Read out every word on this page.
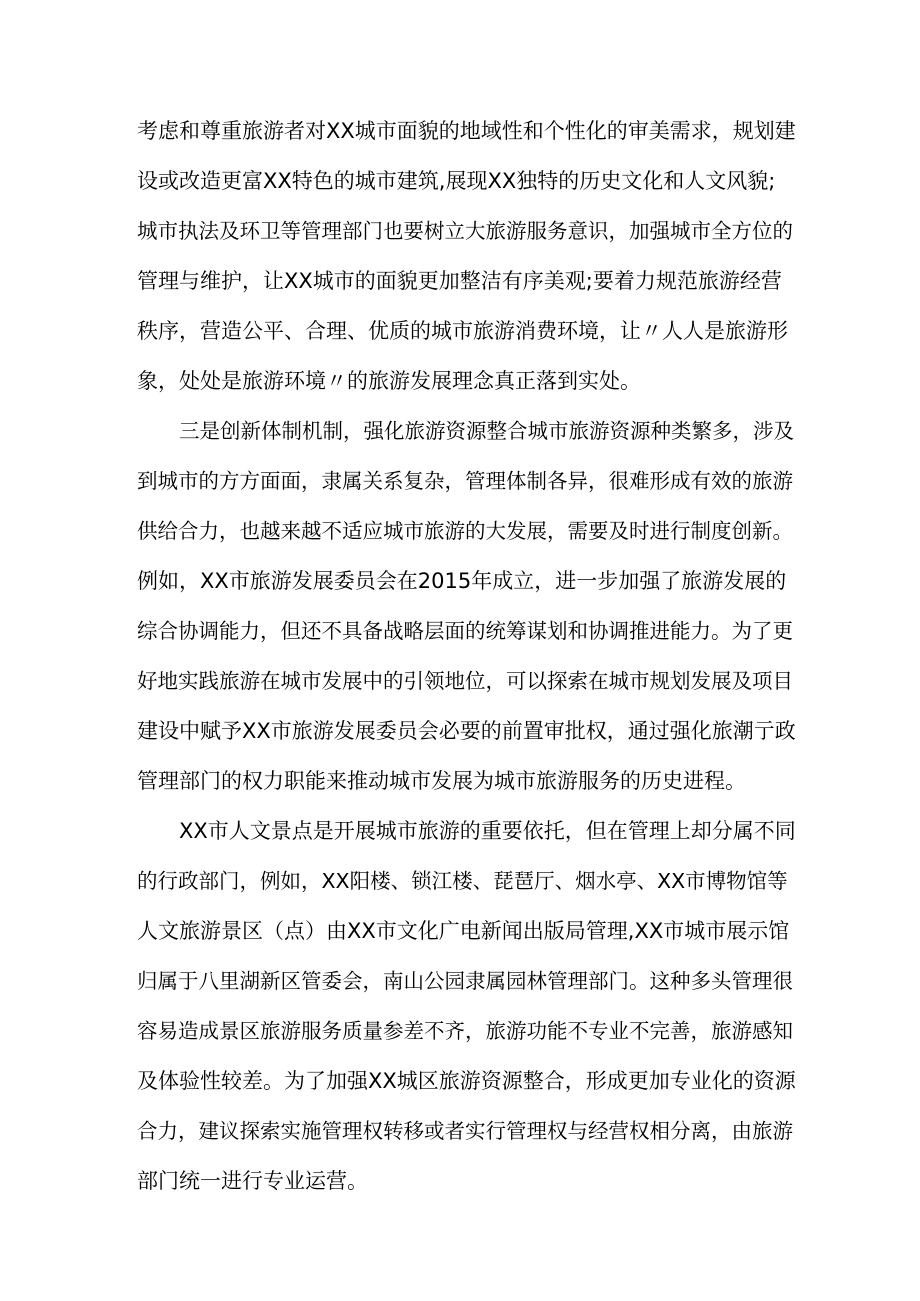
考虑和尊重旅游者对XX城市面貌的地域性和个性化的审美需求，规划建
设或改造更富XX特色的城市建筑,展现XX独特的历史文化和人文风貌;
城市执法及环卫等管理部门也要树立大旅游服务意识，加强城市全方位的
管理与维护，让XX城市的面貌更加整洁有序美观;要着力规范旅游经营
秩序，营造公平、合理、优质的城市旅游消费环境，让〃人人是旅游形
象，处处是旅游环境〃的旅游发展理念真正落到实处。
三是创新体制机制，强化旅游资源整合城市旅游资源种类繁多，涉及
到城市的方方面面，隶属关系复杂，管理体制各异，很难形成有效的旅游
供给合力，也越来越不适应城市旅游的大发展，需要及时进行制度创新。
例如，XX市旅游发展委员会在2015年成立，进一步加强了旅游发展的
综合协调能力，但还不具备战略层面的统筹谋划和协调推进能力。为了更
好地实践旅游在城市发展中的引领地位，可以探索在城市规划发展及项目
建设中赋予XX市旅游发展委员会必要的前置审批权，通过强化旅潮亍政
管理部门的权力职能来推动城市发展为城市旅游服务的历史进程。
XX市人文景点是开展城市旅游的重要依托，但在管理上却分属不同
的行政部门，例如，XX阳楼、锁江楼、琵琶厅、烟水亭、XX市博物馆等
人文旅游景区（点）由XX市文化广电新闻出版局管理,XX市城市展示馆
归属于八里湖新区管委会，南山公园隶属园林管理部门。这种多头管理很
容易造成景区旅游服务质量参差不齐，旅游功能不专业不完善，旅游感知
及体验性较差。为了加强XX城区旅游资源整合，形成更加专业化的资源
合力，建议探索实施管理权转移或者实行管理权与经营权相分离，由旅游
部门统一进行专业运营。
